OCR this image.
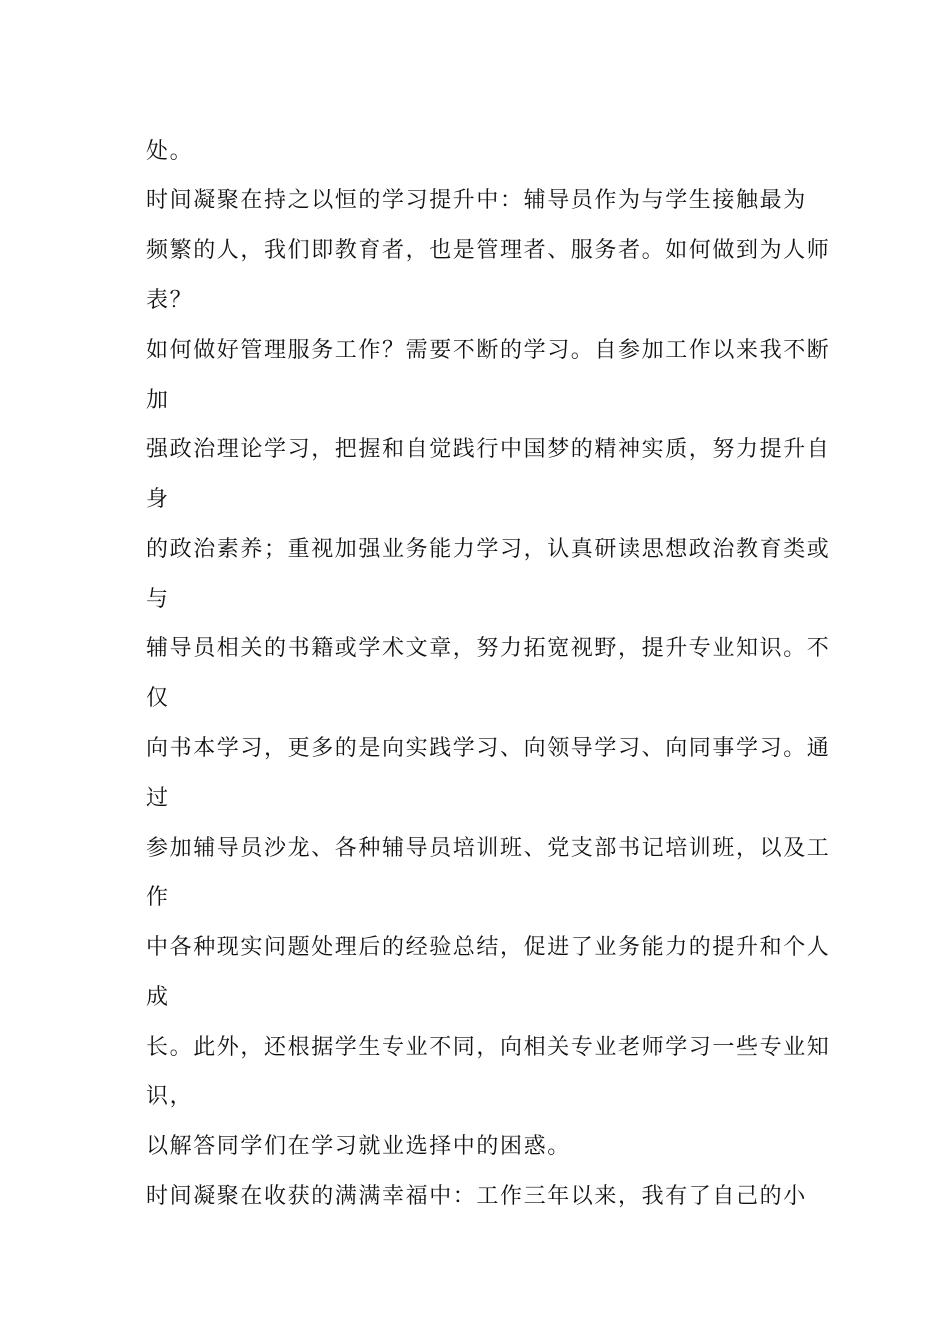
处。

时间凝聚在持之以恒的学习提升中：辅导员作为与学生接触最为

频繁的人，我们即教育者，也是管理者、服务者。如何做到为人师

表？

如何做好管理服务工作？需要不断的学习。自参加工作以来我不断

加

强政治理论学习，把握和自觉践行中国梦的精神实质，努力提升自

身

的政治素养；重视加强业务能力学习，认真研读思想政治教育类或

与

辅导员相关的书籍或学术文章，努力拓宽视野，提升专业知识。不

仅

向书本学习，更多的是向实践学习、向领导学习、向同事学习。通

过

参加辅导员沙龙、各种辅导员培训班、党支部书记培训班，以及工

作

中各种现实问题处理后的经验总结，促进了业务能力的提升和个人

成

长。此外，还根据学生专业不同，向相关专业老师学习一些专业知

识，

以解答同学们在学习就业选择中的困惑。

时间凝聚在收获的满满幸福中：工作三年以来，我有了自己的小
